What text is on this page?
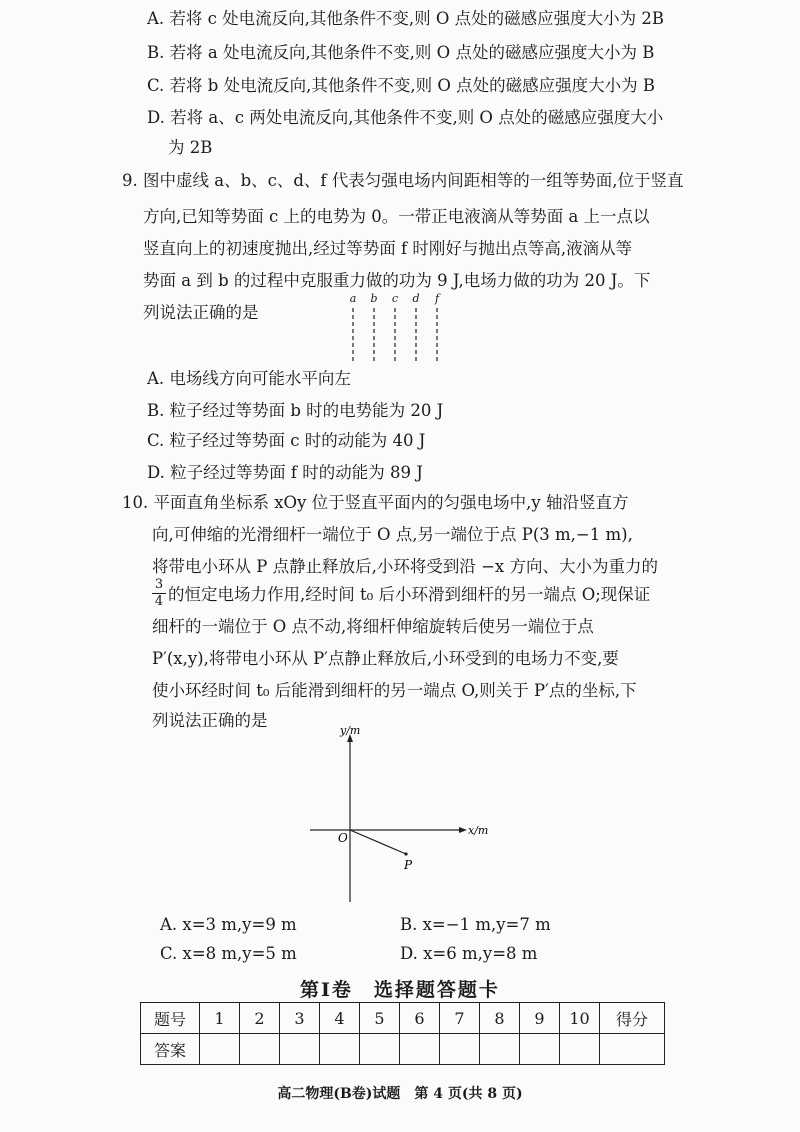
A. 若将 c 处电流反向,其他条件不变,则 O 点处的磁感应强度大小为 2B
B. 若将 a 处电流反向,其他条件不变,则 O 点处的磁感应强度大小为 B
C. 若将 b 处电流反向,其他条件不变,则 O 点处的磁感应强度大小为 B
D. 若将 a、c 两处电流反向,其他条件不变,则 O 点处的磁感应强度大小
为 2B
9. 图中虚线 a、b、c、d、f 代表匀强电场内间距相等的一组等势面,位于竖直
方向,已知等势面 c 上的电势为 0。一带正电液滴从等势面 a 上一点以
竖直向上的初速度抛出,经过等势面 f 时刚好与抛出点等高,液滴从等
势面 a 到 b 的过程中克服重力做的功为 9 J,电场力做的功为 20 J。下
列说法正确的是
a b c d f
A. 电场线方向可能水平向左
B. 粒子经过等势面 b 时的电势能为 20 J
C. 粒子经过等势面 c 时的动能为 40 J
D. 粒子经过等势面 f 时的动能为 89 J
10. 平面直角坐标系 xOy 位于竖直平面内的匀强电场中,y 轴沿竖直方
向,可伸缩的光滑细杆一端位于 O 点,另一端位于点 P(3 m,−1 m),
将带电小环从 P 点静止释放后,小环将受到沿 −x 方向、大小为重力的
3
4 的恒定电场力作用,经时间 t₀ 后小环滑到细杆的另一端点 O;现保证
细杆的一端位于 O 点不动,将细杆伸缩旋转后使另一端位于点
P′(x,y),将带电小环从 P′点静止释放后,小环受到的电场力不变,要
使小环经时间 t₀ 后能滑到细杆的另一端点 O,则关于 P′点的坐标,下
列说法正确的是
y/m
x/m
O
P
A. x=3 m,y=9 m	B. x=−1 m,y=7 m
C. x=8 m,y=5 m	D. x=6 m,y=8 m
第Ⅰ卷　选择题答题卡
题号	1	2	3	4	5	6	7	8	9	10	得分
答案											
高二物理(B卷)试题　第 4 页(共 8 页)
